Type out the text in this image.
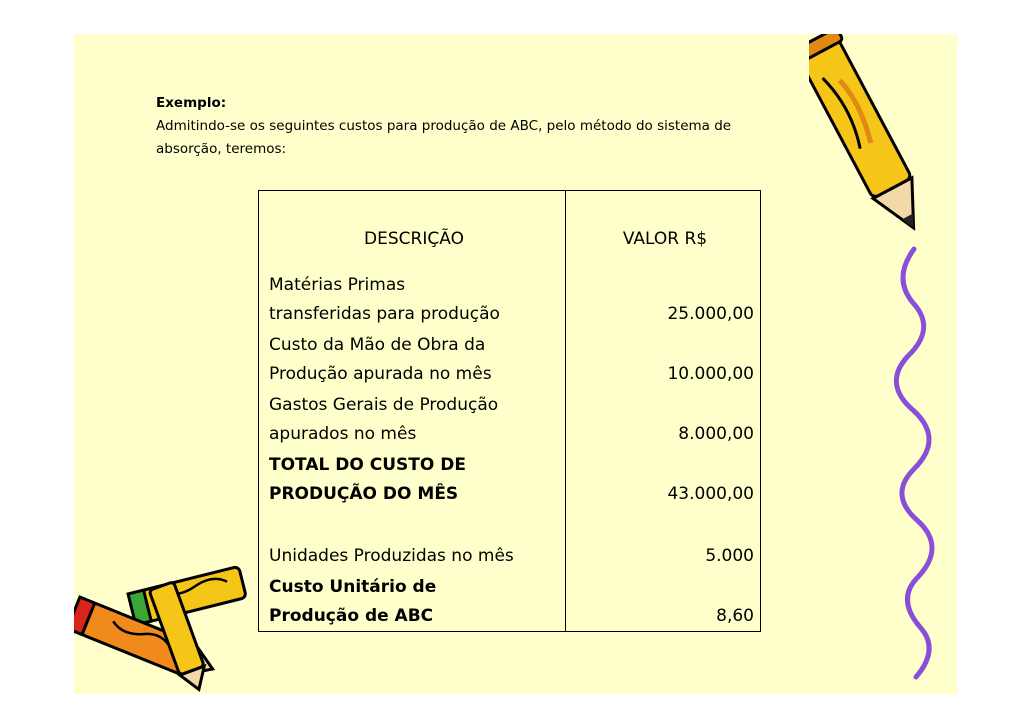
Exemplo:
Admitindo-se os seguintes custos para produção de ABC, pelo método do sistema de absorção, teremos:
DESCRIÇÃO	VALOR R$

Matérias Primas
transferidas para produção	25.000,00

Custo da Mão de Obra da
Produção apurada no mês	10.000,00

Gastos Gerais de Produção
apurados no mês	8.000,00

TOTAL DO CUSTO DE
PRODUÇÃO DO MÊS	43.000,00

Unidades Produzidas no mês	5.000

Custo Unitário de
Produção de ABC	8,60
